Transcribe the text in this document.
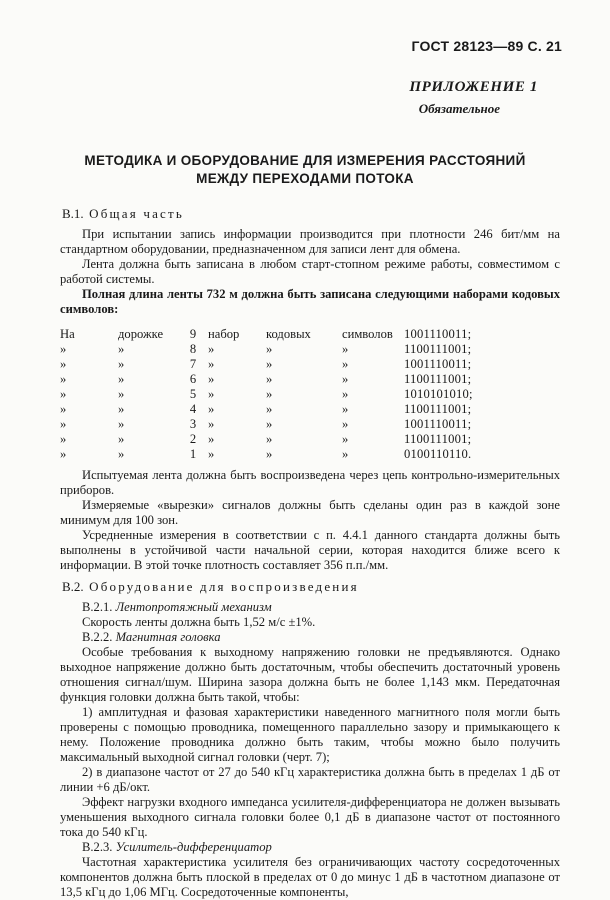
ГОСТ 28123—89 С. 21
ПРИЛОЖЕНИЕ 1
Обязательное
МЕТОДИКА И ОБОРУДОВАНИЕ ДЛЯ ИЗМЕРЕНИЯ РАССТОЯНИЙ
МЕЖДУ ПЕРЕХОДАМИ ПОТОКА
В.1. Общая часть

При испытании запись информации производится при плотности 246 бит/мм на стандартном оборудовании, предназначенном для записи лент для обмена.

Лента должна быть записана в любом старт-стопном режиме работы, совместимом с работой системы.

Полная длина ленты 732 м должна быть записана следующими наборами кодовых символов:

На	дорожке	9	набор	кодовых	символов	1001110011;
»	»	8	»	»	»	1100111001;
»	»	7	»	»	»	1001110011;
»	»	6	»	»	»	1100111001;
»	»	5	»	»	»	1010101010;
»	»	4	»	»	»	1100111001;
»	»	3	»	»	»	1001110011;
»	»	2	»	»	»	1100111001;
»	»	1	»	»	»	0100110110.

Испытуемая лента должна быть воспроизведена через цепь контрольно-измерительных приборов.

Измеряемые «вырезки» сигналов должны быть сделаны один раз в каждой зоне минимум для 100 зон.

Усредненные измерения в соответствии с п. 4.4.1 данного стандарта должны быть выполнены в устойчивой части начальной серии, которая находится ближе всего к информации. В этой точке плотность составляет 356 п.п./мм.

В.2. Оборудование для воспроизведения
В.2.1. Лентопротяжный механизм

Скорость ленты должна быть 1,52 м/с ±1%.

В.2.2. Магнитная головка

Особые требования к выходному напряжению головки не предъявляются. Однако выходное напряжение должно быть достаточным, чтобы обеспечить достаточный уровень отношения сигнал/шум. Ширина зазора должна быть не более 1,143 мкм. Передаточная функция головки должна быть такой, чтобы:

1) амплитудная и фазовая характеристики наведенного магнитного поля могли быть проверены с помощью проводника, помещенного параллельно зазору и примыкающего к нему. Положение проводника должно быть таким, чтобы можно было получить максимальный выходной сигнал головки (черт. 7);

2) в диапазоне частот от 27 до 540 кГц характеристика должна быть в пределах 1 дБ от линии +6 дБ/окт.

Эффект нагрузки входного импеданса усилителя-дифференциатора не должен вызывать уменьшения выходного сигнала головки более 0,1 дБ в диапазоне частот от постоянного тока до 540 кГц.

В.2.3. Усилитель-дифференциатор

Частотная характеристика усилителя без ограничивающих частоту сосредоточенных компонентов должна быть плоской в пределах от 0 до минус 1 дБ в частотном диапазоне от 13,5 кГц до 1,06 МГц. Сосредоточенные компоненты,
